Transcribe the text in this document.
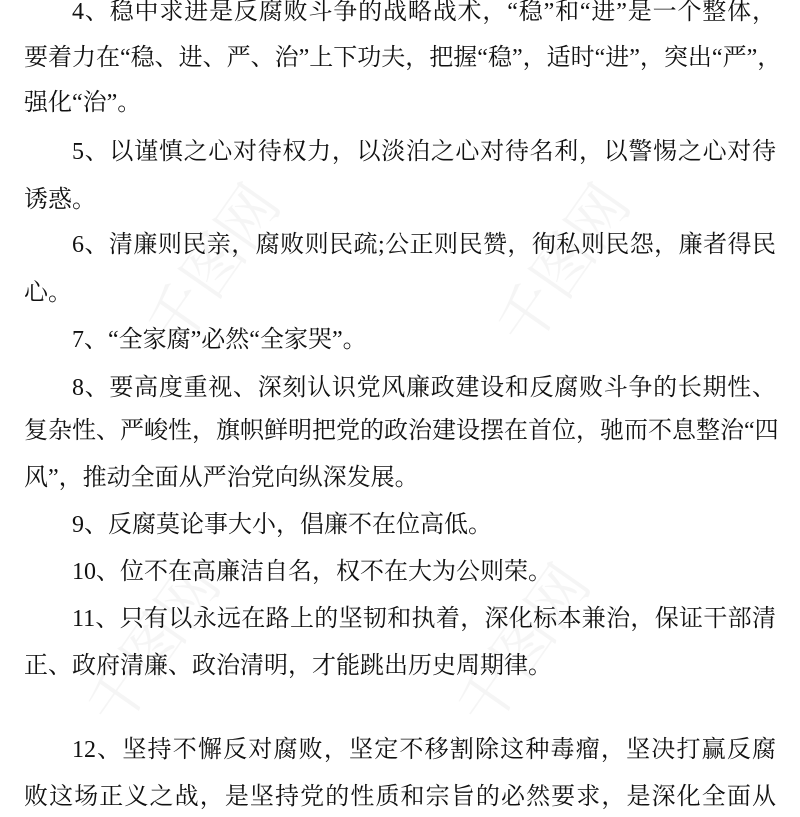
4、稳中求进是反腐败斗争的战略战术，“稳”和“进”是一个整体，
要着力在“稳、进、严、治”上下功夫，把握“稳”，适时“进”，突出“严”，
强化“治”。
5、以谨慎之心对待权力，以淡泊之心对待名利，以警惕之心对待
诱惑。
6、清廉则民亲，腐败则民疏;公正则民赞，徇私则民怨，廉者得民
心。
7、“全家腐”必然“全家哭”。
8、要高度重视、深刻认识党风廉政建设和反腐败斗争的长期性、
复杂性、严峻性，旗帜鲜明把党的政治建设摆在首位，驰而不息整治“四
风”，推动全面从严治党向纵深发展。
9、反腐莫论事大小，倡廉不在位高低。
10、位不在高廉洁自名，权不在大为公则荣。
11、只有以永远在路上的坚韧和执着，深化标本兼治，保证干部清
正、政府清廉、政治清明，才能跳出历史周期律。
12、坚持不懈反对腐败，坚定不移割除这种毒瘤，坚决打赢反腐
败这场正义之战，是坚持党的性质和宗旨的必然要求，是深化全面从
